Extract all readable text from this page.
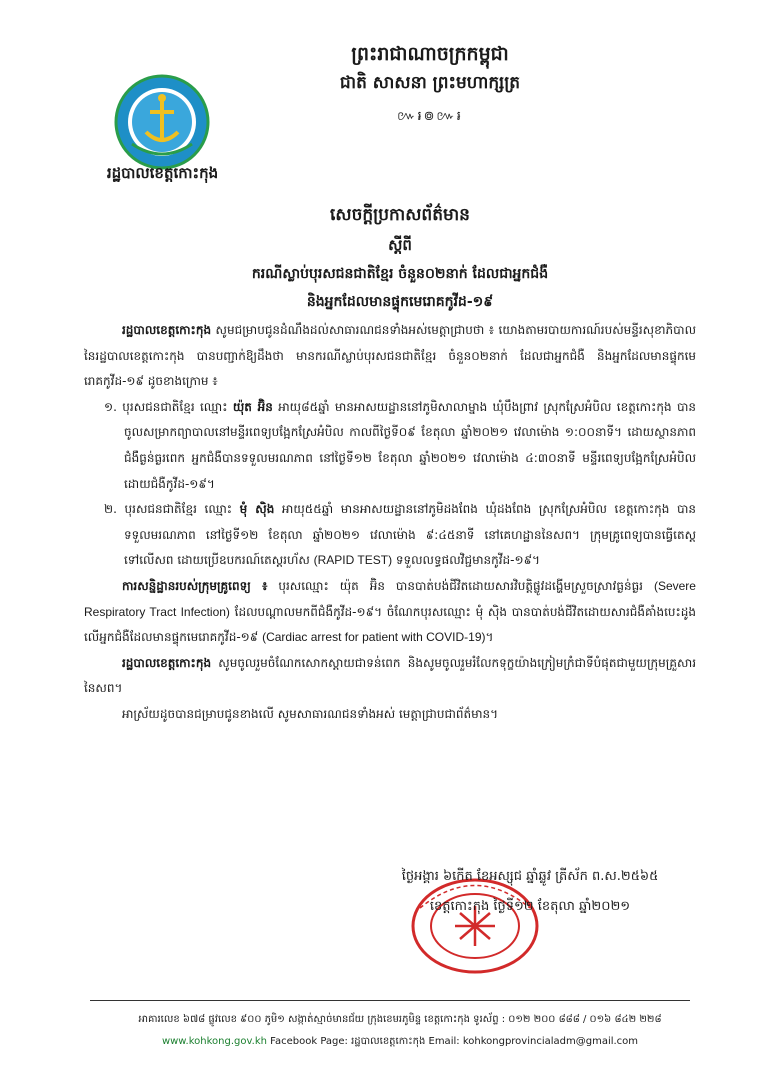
រដ្ឋបាលខេត្តកោះកុង
ព្រះរាជាណាចក្រកម្ពុជា
ជាតិ សាសនា ព្រះមហាក្សត្រ
៚៛៙៚៛
សេចក្តីប្រកាសព័ត៌មាន
ស្តីពី
ករណីស្លាប់បុរសជនជាតិខ្មែរ ចំនួន០២នាក់ ដែលជាអ្នកជំងឺ
និងអ្នកដែលមានផ្ទុកមេរោគកូវីដ-១៩

រដ្ឋបាលខេត្តកោះកុង សូមជម្រាបជូនដំណឹងដល់សាធារណជនទាំងអស់មេត្តាជ្រាបថា ៖ យោងតាមរបាយការណ៍របស់មន្ទីរសុខាភិបាល នៃរដ្ឋបាលខេត្តកោះកុង បានបញ្ជាក់ឱ្យដឹងថា មានករណីស្លាប់បុរសជនជាតិខ្មែរ ចំនួន០២នាក់ ដែលជាអ្នកជំងឺ និងអ្នកដែលមានផ្ទុកមេរោគកូវីដ-១៩ ដូចខាងក្រោម ៖

១. បុរសជនជាតិខ្មែរ ឈ្មោះ យ៉ុត អ៊ិន អាយុ៨៥ឆ្នាំ មានអាសយដ្ឋាននៅភូមិសាលាម្នាង ឃុំបឹងព្រាវ ស្រុកស្រែអំបិល ខេត្តកោះកុង បានចូលសម្រាកព្យាបាលនៅមន្ទីរពេទ្យបង្អែកស្រែអំបិល កាលពីថ្ងៃទី០៩ ខែតុលា ឆ្នាំ២០២១ វេលាម៉ោង ១:០០នាទី។ ដោយស្ថានភាពជំងឺធ្ងន់ធ្ងរពេក អ្នកជំងឺបានទទួលមរណភាព នៅថ្ងៃទី១២ ខែតុលា ឆ្នាំ២០២១ វេលាម៉ោង ៤:៣០នាទី មន្ទីរពេទ្យបង្អែកស្រែអំបិល ដោយជំងឺកូវីដ-១៩។

២. បុរសជនជាតិខ្មែរ ឈ្មោះ មុំ ស៊ិង អាយុ៥៥ឆ្នាំ មានអាសយដ្ឋាននៅភូមិដងពែង ឃុំដងពែង ស្រុកស្រែអំបិល ខេត្តកោះកុង បានទទួលមរណភាព នៅថ្ងៃទី១២ ខែតុលា ឆ្នាំ២០២១ វេលាម៉ោង ៩:៤៥នាទី នៅគេហដ្ឋាននៃសព។ ក្រុមគ្រូពេទ្យបានធ្វើតេស្តទៅលើសព ដោយប្រើឧបករណ៍តេស្តរហ័ស (RAPID TEST) ទទួលលទ្ធផលវិជ្ជមានកូវីដ-១៩។

ការសន្និដ្ឋានរបស់ក្រុមគ្រូពេទ្យ ៖ បុរសឈ្មោះ យ៉ុត អ៊ិន បានបាត់បង់ជីវិតដោយសារវិបត្តិផ្លូវដង្ហើមស្រួចស្រាវធ្ងន់ធ្ងរ (Severe Respiratory Tract Infection) ដែលបណ្តាលមកពីជំងឺកូវីដ-១៩។ ចំណែកបុរសឈ្មោះ មុំ ស៊ិង បានបាត់បង់ជីវិតដោយសារជំងឺគាំងបេះដូង លើអ្នកជំងឺដែលមានផ្ទុកមេរោគកូវីដ-១៩ (Cardiac arrest for patient with COVID-19)។

រដ្ឋបាលខេត្តកោះកុង សូមចូលរួមចំណែកសោកស្តាយជាទន់ពេក និងសូមចូលរួមរំលែកទុក្ខយ៉ាងក្រៀមក្រំជាទីបំផុតជាមួយក្រុមគ្រួសារនៃសព។

អាស្រ័យដូចបានជម្រាបជូនខាងលើ សូមសាធារណជនទាំងអស់ មេត្តាជ្រាបជាព័ត៌មាន។

ថ្ងៃអង្គារ ៦កើត ខែអស្សុជ ឆ្នាំឆ្លូវ ត្រីស័ក ព.ស.២៥៦៥
ខេត្តកោះកុង ថ្ងៃទី១២ ខែតុលា ឆ្នាំ២០២១
អាគារលេខ ៦៧៨ ផ្លូវលេខ ៩០០ ភូមិ១ សង្កាត់ស្មាច់មានជ័យ ក្រុងខេមរភូមិន្ទ ខេត្តកោះកុង ទូរស័ព្ទ : ០១២ ២០០ ៨៨៨ / ០១៦ ៨៤២ ២២៨
www.kohkong.gov.kh Facebook Page: រដ្ឋបាលខេត្តកោះកុង Email: kohkongprovincialadm@gmail.com
